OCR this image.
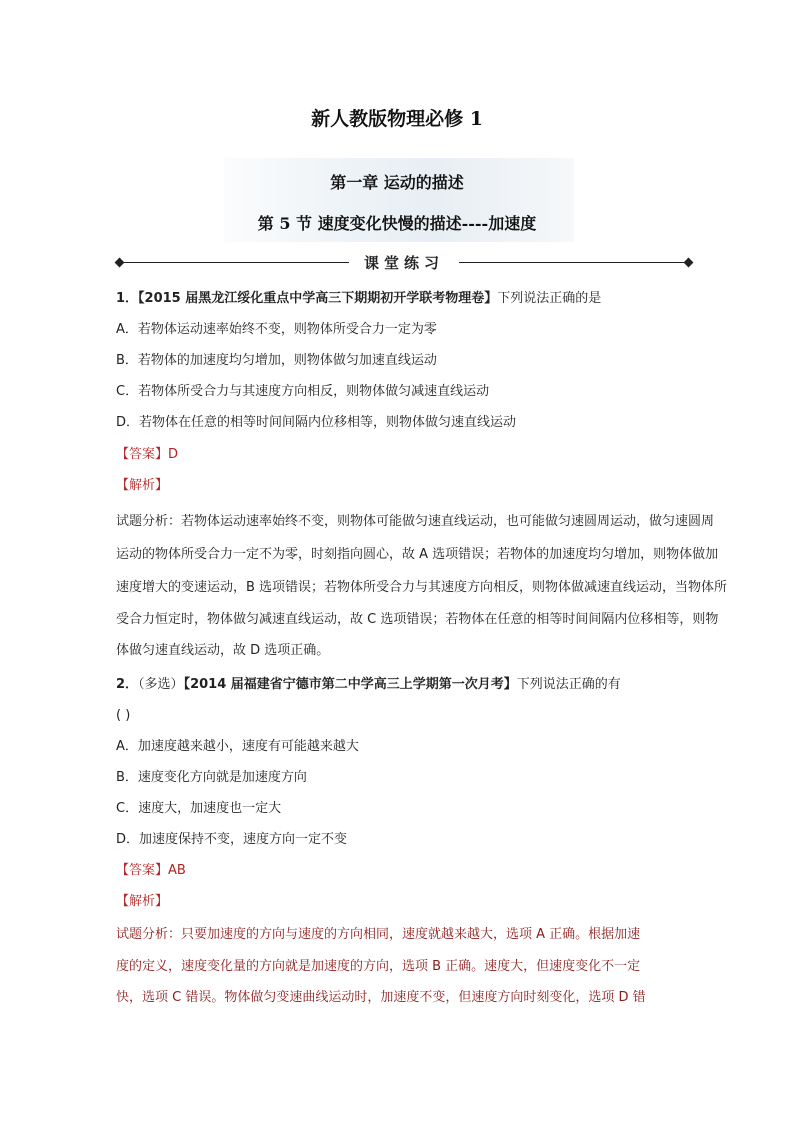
新人教版物理必修 1
第一章 运动的描述
第 5 节 速度变化快慢的描述----加速度
课堂练习
1．【2015 届黑龙江绥化重点中学高三下期期初开学联考物理卷】下列说法正确的是
A．若物体运动速率始终不变，则物体所受合力一定为零
B．若物体的加速度均匀增加，则物体做匀加速直线运动
C．若物体所受合力与其速度方向相反，则物体做匀减速直线运动
D．若物体在任意的相等时间间隔内位移相等，则物体做匀速直线运动
【答案】D
【解析】
试题分析：若物体运动速率始终不变，则物体可能做匀速直线运动，也可能做匀速圆周运动，做匀速圆周
运动的物体所受合力一定不为零，时刻指向圆心，故 A 选项错误；若物体的加速度均匀增加，则物体做加
速度增大的变速运动，B 选项错误；若物体所受合力与其速度方向相反，则物体做减速直线运动，当物体所
受合力恒定时，物体做匀减速直线运动，故 C 选项错误；若物体在任意的相等时间间隔内位移相等，则物
体做匀速直线运动，故 D 选项正确。
2．（多选）【2014 届福建省宁德市第二中学高三上学期第一次月考】下列说法正确的有
( )
A．加速度越来越小，速度有可能越来越大
B．速度变化方向就是加速度方向
C．速度大，加速度也一定大
D．加速度保持不变，速度方向一定不变
【答案】AB
【解析】
试题分析：只要加速度的方向与速度的方向相同，速度就越来越大，选项 A 正确。根据加速
度的定义，速度变化量的方向就是加速度的方向，选项 B 正确。速度大，但速度变化不一定
快，选项 C 错误。物体做匀变速曲线运动时，加速度不变，但速度方向时刻变化，选项 D 错
